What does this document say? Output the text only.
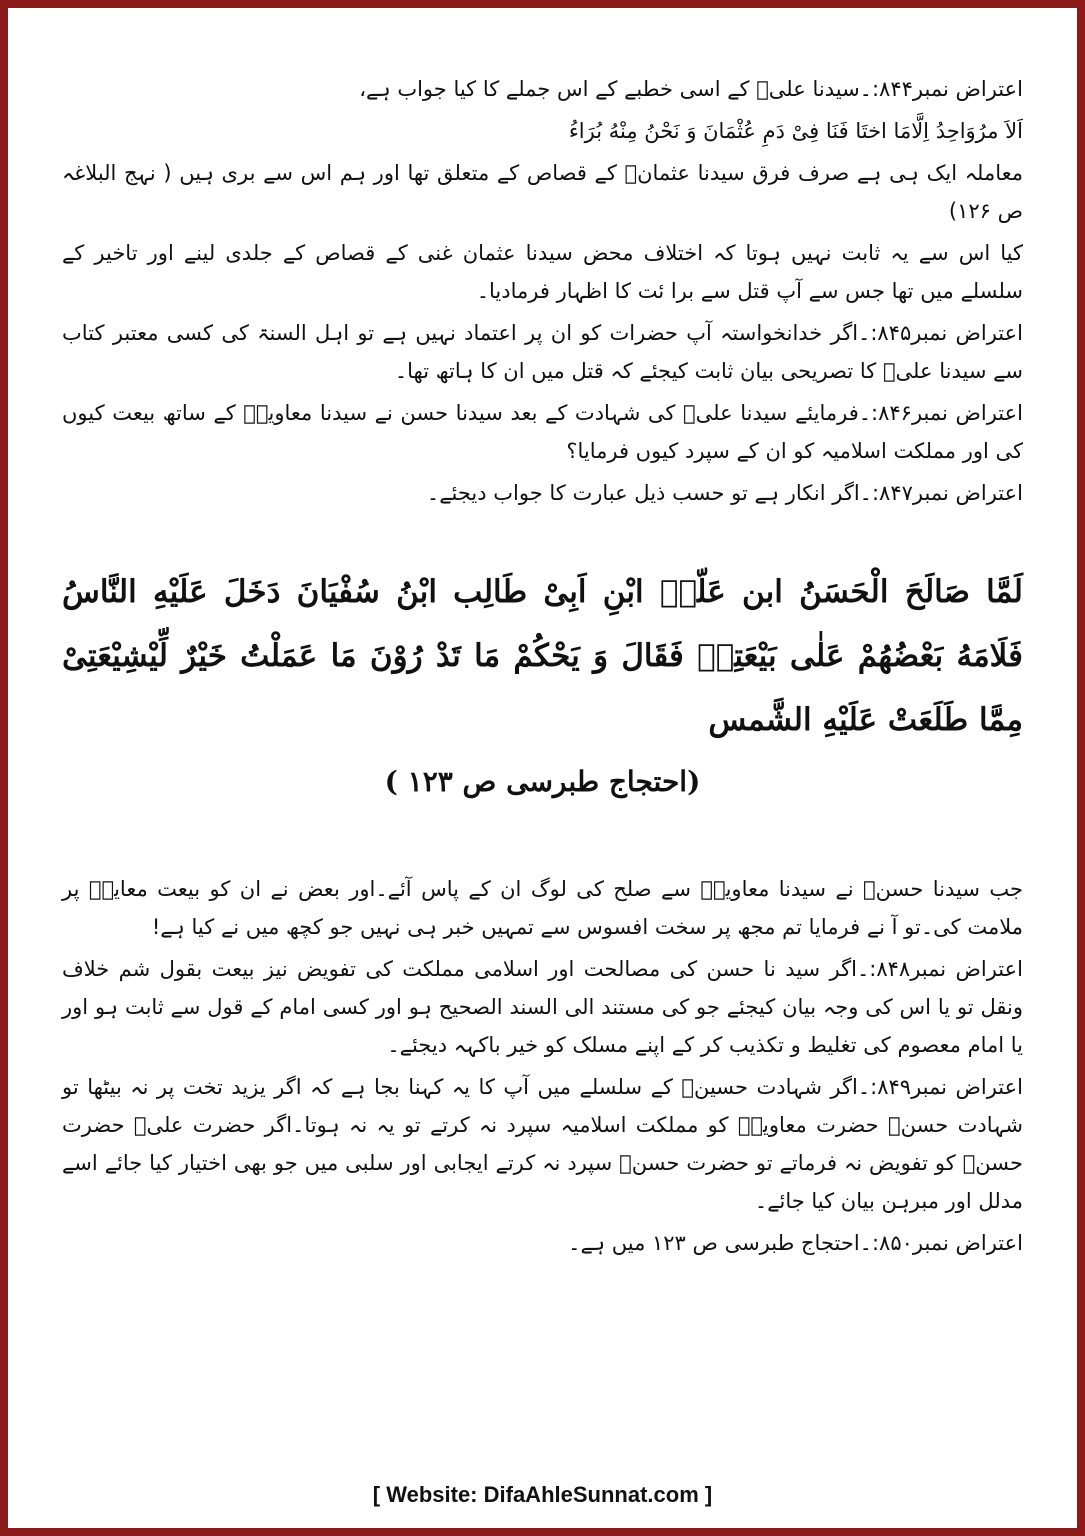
اعتراض نمبر۸۴۴:۔سیدنا علیؓ کے اسی خطبے کے اس جملے کا کیا جواب ہے،

اَلاَ مرُوَاحِدُ اِلَّامَا اختَا فَنَا فِیْ دَمِ عُثْمَانَ وَ نَحْنُ مِنْهُ بُرَاءُ

معاملہ ایک ہی ہے صرف فرق سیدنا عثمانؓ کے قصاص کے متعلق تھا اور ہم اس سے بری ہیں ( نہج البلاغہ ص ۱۲۶)

کیا اس سے یہ ثابت نہیں ہوتا کہ اختلاف محض سیدنا عثمان غنی کے قصاص کے جلدی لینے اور تاخیر کے سلسلے میں تھا جس سے آپ قتل سے برا ئت کا اظہار فرمادیا۔

اعتراض نمبر۸۴۵:۔اگر خدانخواستہ آپ حضرات کو ان پر اعتماد نہیں ہے تو اہل السنۃ کی کسی معتبر کتاب سے سیدنا علیؓ کا تصریحی بیان ثابت کیجئے کہ قتل میں ان کا ہاتھ تھا۔

اعتراض نمبر۸۴۶:۔فرمایئے سیدنا علیؓ کی شہادت کے بعد سیدنا حسن نے سیدنا معاویہؓ کے ساتھ بیعت کیوں کی اور مملکت اسلامیہ کو ان کے سپرد کیوں فرمایا؟

اعتراض نمبر۸۴۷:۔اگر انکار ہے تو حسب ذیل عبارت کا جواب دیجئے۔

لَمَّا صَالَحَ الْحَسَنُ ابن عَلّےِ ابْنِ اَبِیْ طَالِب ابْنُ سُفْيَانَ دَخَلَ عَلَيْهِ النَّاسُ فَلَامَهُ بَعْضُهُمْ عَلٰى بَيْعَتِهٖ فَقَالَ وَ يَحْكُمْ مَا تَدْ رُوْنَ مَا عَمَلْتُ خَيْرٌ لِّيْشِيْعَتِیْ مِمَّا طَلَعَتْ عَلَيْهِ الشَّمس
(احتجاج طبرسی ص ۱۲۳ )

جب سیدنا حسنؓ نے سیدنا معاویہؓ سے صلح کی لوگ ان کے پاس آئے۔اور بعض نے ان کو بیعت معایہؓ پر ملامت کی۔تو آ نے فرمایا تم مجھ پر سخت افسوس سے تمہیں خبر ہی نہیں جو کچھ میں نے کیا ہے!

اعتراض نمبر۸۴۸:۔اگر سید نا حسن کی مصالحت اور اسلامی مملکت کی تفویض نیز بیعت بقول شم خلاف ونقل تو یا اس کی وجہ بیان کیجئے جو کی مستند الی السند الصحیح ہو اور کسی امام کے قول سے ثابت ہو اور یا امام معصوم کی تغلیط و تکذیب کر کے اپنے مسلک کو خیر باکہہ دیجئے۔

اعتراض نمبر۸۴۹:۔اگر شہادت حسینؓ کے سلسلے میں آپ کا یہ کہنا بجا ہے کہ اگر یزید تخت پر نہ بیٹھا تو شہادت حسنؓ حضرت معاویہؓ کو مملکت اسلامیہ سپرد نہ کرتے تو یہ نہ ہوتا۔اگر حضرت علیؓ حضرت حسنؓ کو تفویض نہ فرماتے تو حضرت حسنؓ سپرد نہ کرتے ایجابی اور سلبی میں جو بھی اختیار کیا جائے اسے مدلل اور مبرہن بیان کیا جائے۔

اعتراض نمبر۸۵۰:۔احتجاج طبرسی ص ۱۲۳ میں ہے۔

[ Website: DifaAhleSunnat.com ]
